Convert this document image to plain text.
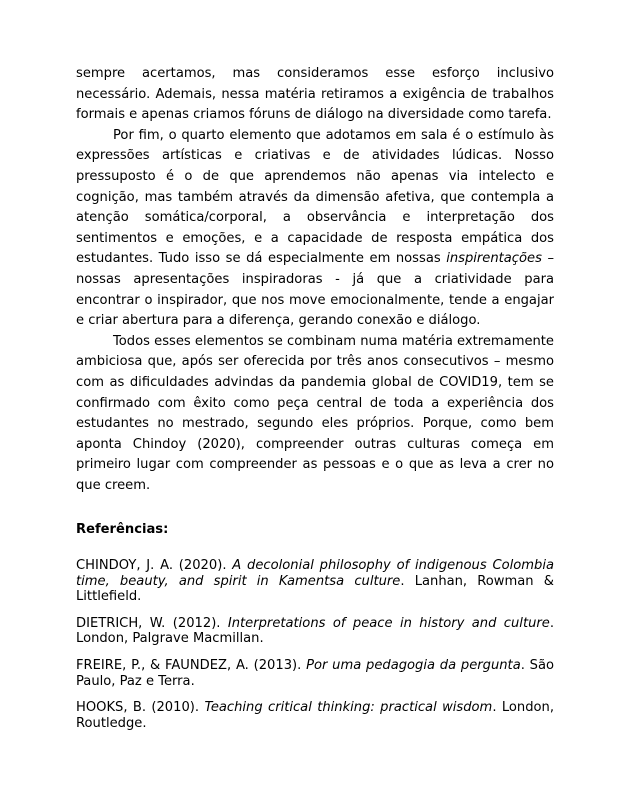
sempre acertamos, mas consideramos esse esforço inclusivo necessário. Ademais, nessa matéria retiramos a exigência de trabalhos formais e apenas criamos fóruns de diálogo na diversidade como tarefa.

Por fim, o quarto elemento que adotamos em sala é o estímulo às expressões artísticas e criativas e de atividades lúdicas. Nosso pressuposto é o de que aprendemos não apenas via intelecto e cognição, mas também através da dimensão afetiva, que contempla a atenção somática/corporal, a observância e interpretação dos sentimentos e emoções, e a capacidade de resposta empática dos estudantes. Tudo isso se dá especialmente em nossas inspirentações – nossas apresentações inspiradoras - já que a criatividade para encontrar o inspirador, que nos move emocionalmente, tende a engajar e criar abertura para a diferença, gerando conexão e diálogo.

Todos esses elementos se combinam numa matéria extremamente ambiciosa que, após ser oferecida por três anos consecutivos – mesmo com as dificuldades advindas da pandemia global de COVID19, tem se confirmado com êxito como peça central de toda a experiência dos estudantes no mestrado, segundo eles próprios. Porque, como bem aponta Chindoy (2020), compreender outras culturas começa em primeiro lugar com compreender as pessoas e o que as leva a crer no que creem.

Referências:

CHINDOY, J. A. (2020). A decolonial philosophy of indigenous Colombia time, beauty, and spirit in Kamentsa culture. Lanhan, Rowman & Littlefield.

DIETRICH, W. (2012). Interpretations of peace in history and culture. London, Palgrave Macmillan.

FREIRE, P., & FAUNDEZ, A. (2013). Por uma pedagogia da pergunta. São Paulo, Paz e Terra.

HOOKS, B. (2010). Teaching critical thinking: practical wisdom. London, Routledge.
